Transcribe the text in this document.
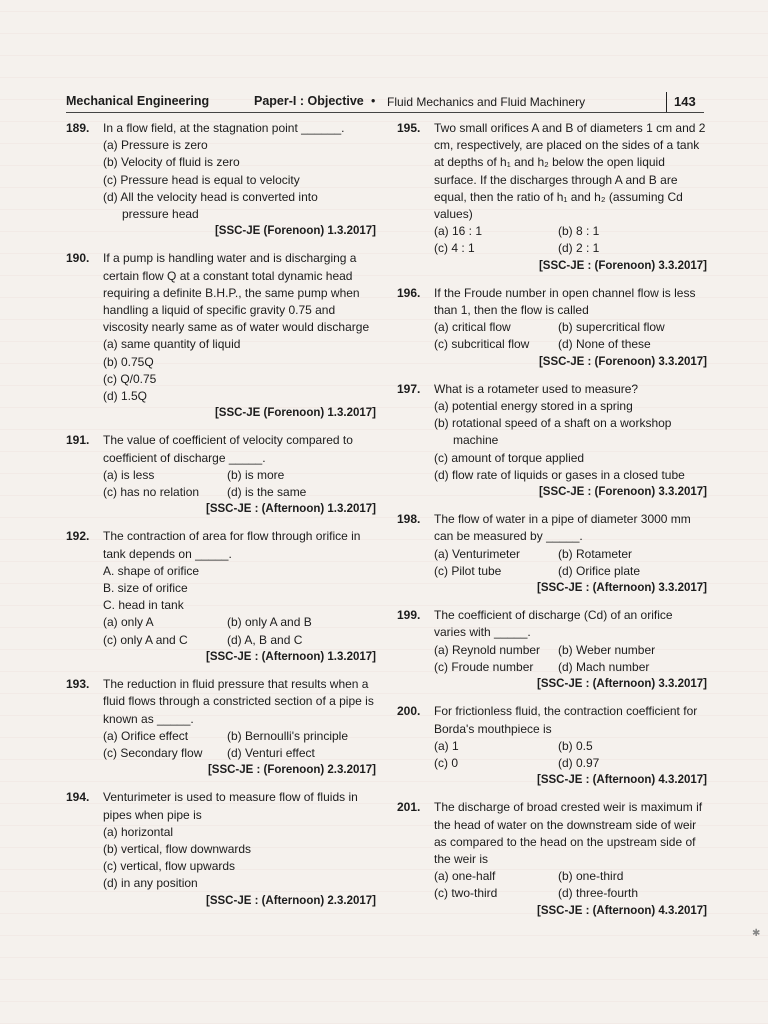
Mechanical Engineering	Paper-I : Objective • Fluid Mechanics and Fluid Machinery	143
189. In a flow field, at the stagnation point ______.
(a) Pressure is zero
(b) Velocity of fluid is zero
(c) Pressure head is equal to velocity
(d) All the velocity head is converted into
pressure head
[SSC-JE (Forenoon) 1.3.2017]
190. If a pump is handling water and is discharging a certain flow Q at a constant total dynamic head requiring a definite B.H.P., the same pump when handling a liquid of specific gravity 0.75 and viscosity nearly same as of water would discharge
(a) same quantity of liquid
(b) 0.75Q
(c) Q/0.75
(d) 1.5Q
[SSC-JE (Forenoon) 1.3.2017]
191. The value of coefficient of velocity compared to coefficient of discharge _____.
(a) is less	(b) is more
(c) has no relation	(d) is the same
[SSC-JE : (Afternoon) 1.3.2017]
192. The contraction of area for flow through orifice in tank depends on _____.
A. shape of orifice
B. size of orifice
C. head in tank
(a) only A	(b) only A and B
(c) only A and C	(d) A, B and C
[SSC-JE : (Afternoon) 1.3.2017]
193. The reduction in fluid pressure that results when a fluid flows through a constricted section of a pipe is known as _____.
(a) Orifice effect	(b) Bernoulli's principle
(c) Secondary flow	(d) Venturi effect
[SSC-JE : (Forenoon) 2.3.2017]
194. Venturimeter is used to measure flow of fluids in pipes when pipe is
(a) horizontal
(b) vertical, flow downwards
(c) vertical, flow upwards
(d) in any position
[SSC-JE : (Afternoon) 2.3.2017]
195. Two small orifices A and B of diameters 1 cm and 2 cm, respectively, are placed on the sides of a tank at depths of h₁ and h₂ below the open liquid surface. If the discharges through A and B are equal, then the ratio of h₁ and h₂ (assuming Cd values)
(a) 16 : 1	(b) 8 : 1
(c) 4 : 1	(d) 2 : 1
[SSC-JE : (Forenoon) 3.3.2017]
196. If the Froude number in open channel flow is less than 1, then the flow is called
(a) critical flow	(b) supercritical flow
(c) subcritical flow	(d) None of these
[SSC-JE : (Forenoon) 3.3.2017]
197. What is a rotameter used to measure?
(a) potential energy stored in a spring
(b) rotational speed of a shaft on a workshop
machine
(c) amount of torque applied
(d) flow rate of liquids or gases in a closed tube
[SSC-JE : (Forenoon) 3.3.2017]
198. The flow of water in a pipe of diameter 3000 mm can be measured by _____.
(a) Venturimeter	(b) Rotameter
(c) Pilot tube	(d) Orifice plate
[SSC-JE : (Afternoon) 3.3.2017]
199. The coefficient of discharge (Cd) of an orifice varies with _____.
(a) Reynold number	(b) Weber number
(c) Froude number	(d) Mach number
[SSC-JE : (Afternoon) 3.3.2017]
200. For frictionless fluid, the contraction coefficient for Borda's mouthpiece is
(a) 1	(b) 0.5
(c) 0	(d) 0.97
[SSC-JE : (Afternoon) 4.3.2017]
201. The discharge of broad crested weir is maximum if the head of water on the downstream side of weir as compared to the head on the upstream side of the weir is
(a) one-half	(b) one-third
(c) two-third	(d) three-fourth
[SSC-JE : (Afternoon) 4.3.2017]
✱
